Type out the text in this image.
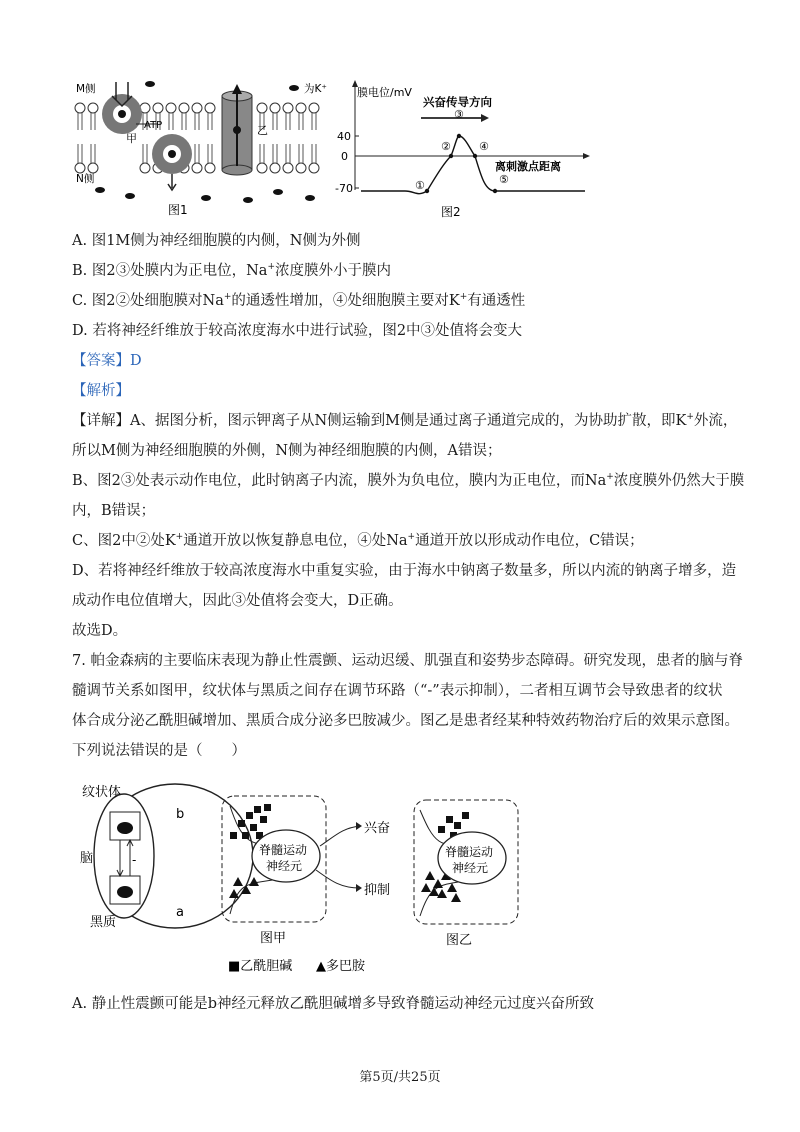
ATP
甲
乙
M侧
N侧
为K⁺
图1
膜电位/mV
40
0
-70
兴奋传导方向
离刺激点距离
①
②
③
④
⑤
图2
A. 图1M侧为神经细胞膜的内侧，N侧为外侧
B. 图2③处膜内为正电位，Na+浓度膜外小于膜内
C. 图2②处细胞膜对Na+的通透性增加，④处细胞膜主要对K+有通透性
D. 若将神经纤维放于较高浓度海水中进行试验，图2中③处值将会变大
【答案】D
【解析】
【详解】A、据图分析，图示钾离子从N侧运输到M侧是通过离子通道完成的，为协助扩散，即K+外流，
所以M侧为神经细胞膜的外侧，N侧为神经细胞膜的内侧，A错误；
B、图2③处表示动作电位，此时钠离子内流，膜外为负电位，膜内为正电位，而Na+浓度膜外仍然大于膜
内，B错误；
C、图2中②处K+通道开放以恢复静息电位，④处Na+通道开放以形成动作电位，C错误；
D、若将神经纤维放于较高浓度海水中重复实验，由于海水中钠离子数量多，所以内流的钠离子增多，造
成动作电位值增大，因此③处值将会变大，D正确。
故选D。
7. 帕金森病的主要临床表现为静止性震颤、运动迟缓、肌强直和姿势步态障碍。研究发现，患者的脑与脊
髓调节关系如图甲，纹状体与黑质之间存在调节环路（“-”表示抑制），二者相互调节会导致患者的纹状
体合成分泌乙酰胆碱增加、黑质合成分泌多巴胺减少。图乙是患者经某种特效药物治疗后的效果示意图。
下列说法错误的是（　　）
-
纹状体
脑
黑质
b
a
脊髓运动
神经元
兴奋
抑制
图甲
脊髓运动
神经元
图乙
■乙酰胆碱 ▲多巴胺
A. 静止性震颤可能是b神经元释放乙酰胆碱增多导致脊髓运动神经元过度兴奋所致
第5页/共25页
